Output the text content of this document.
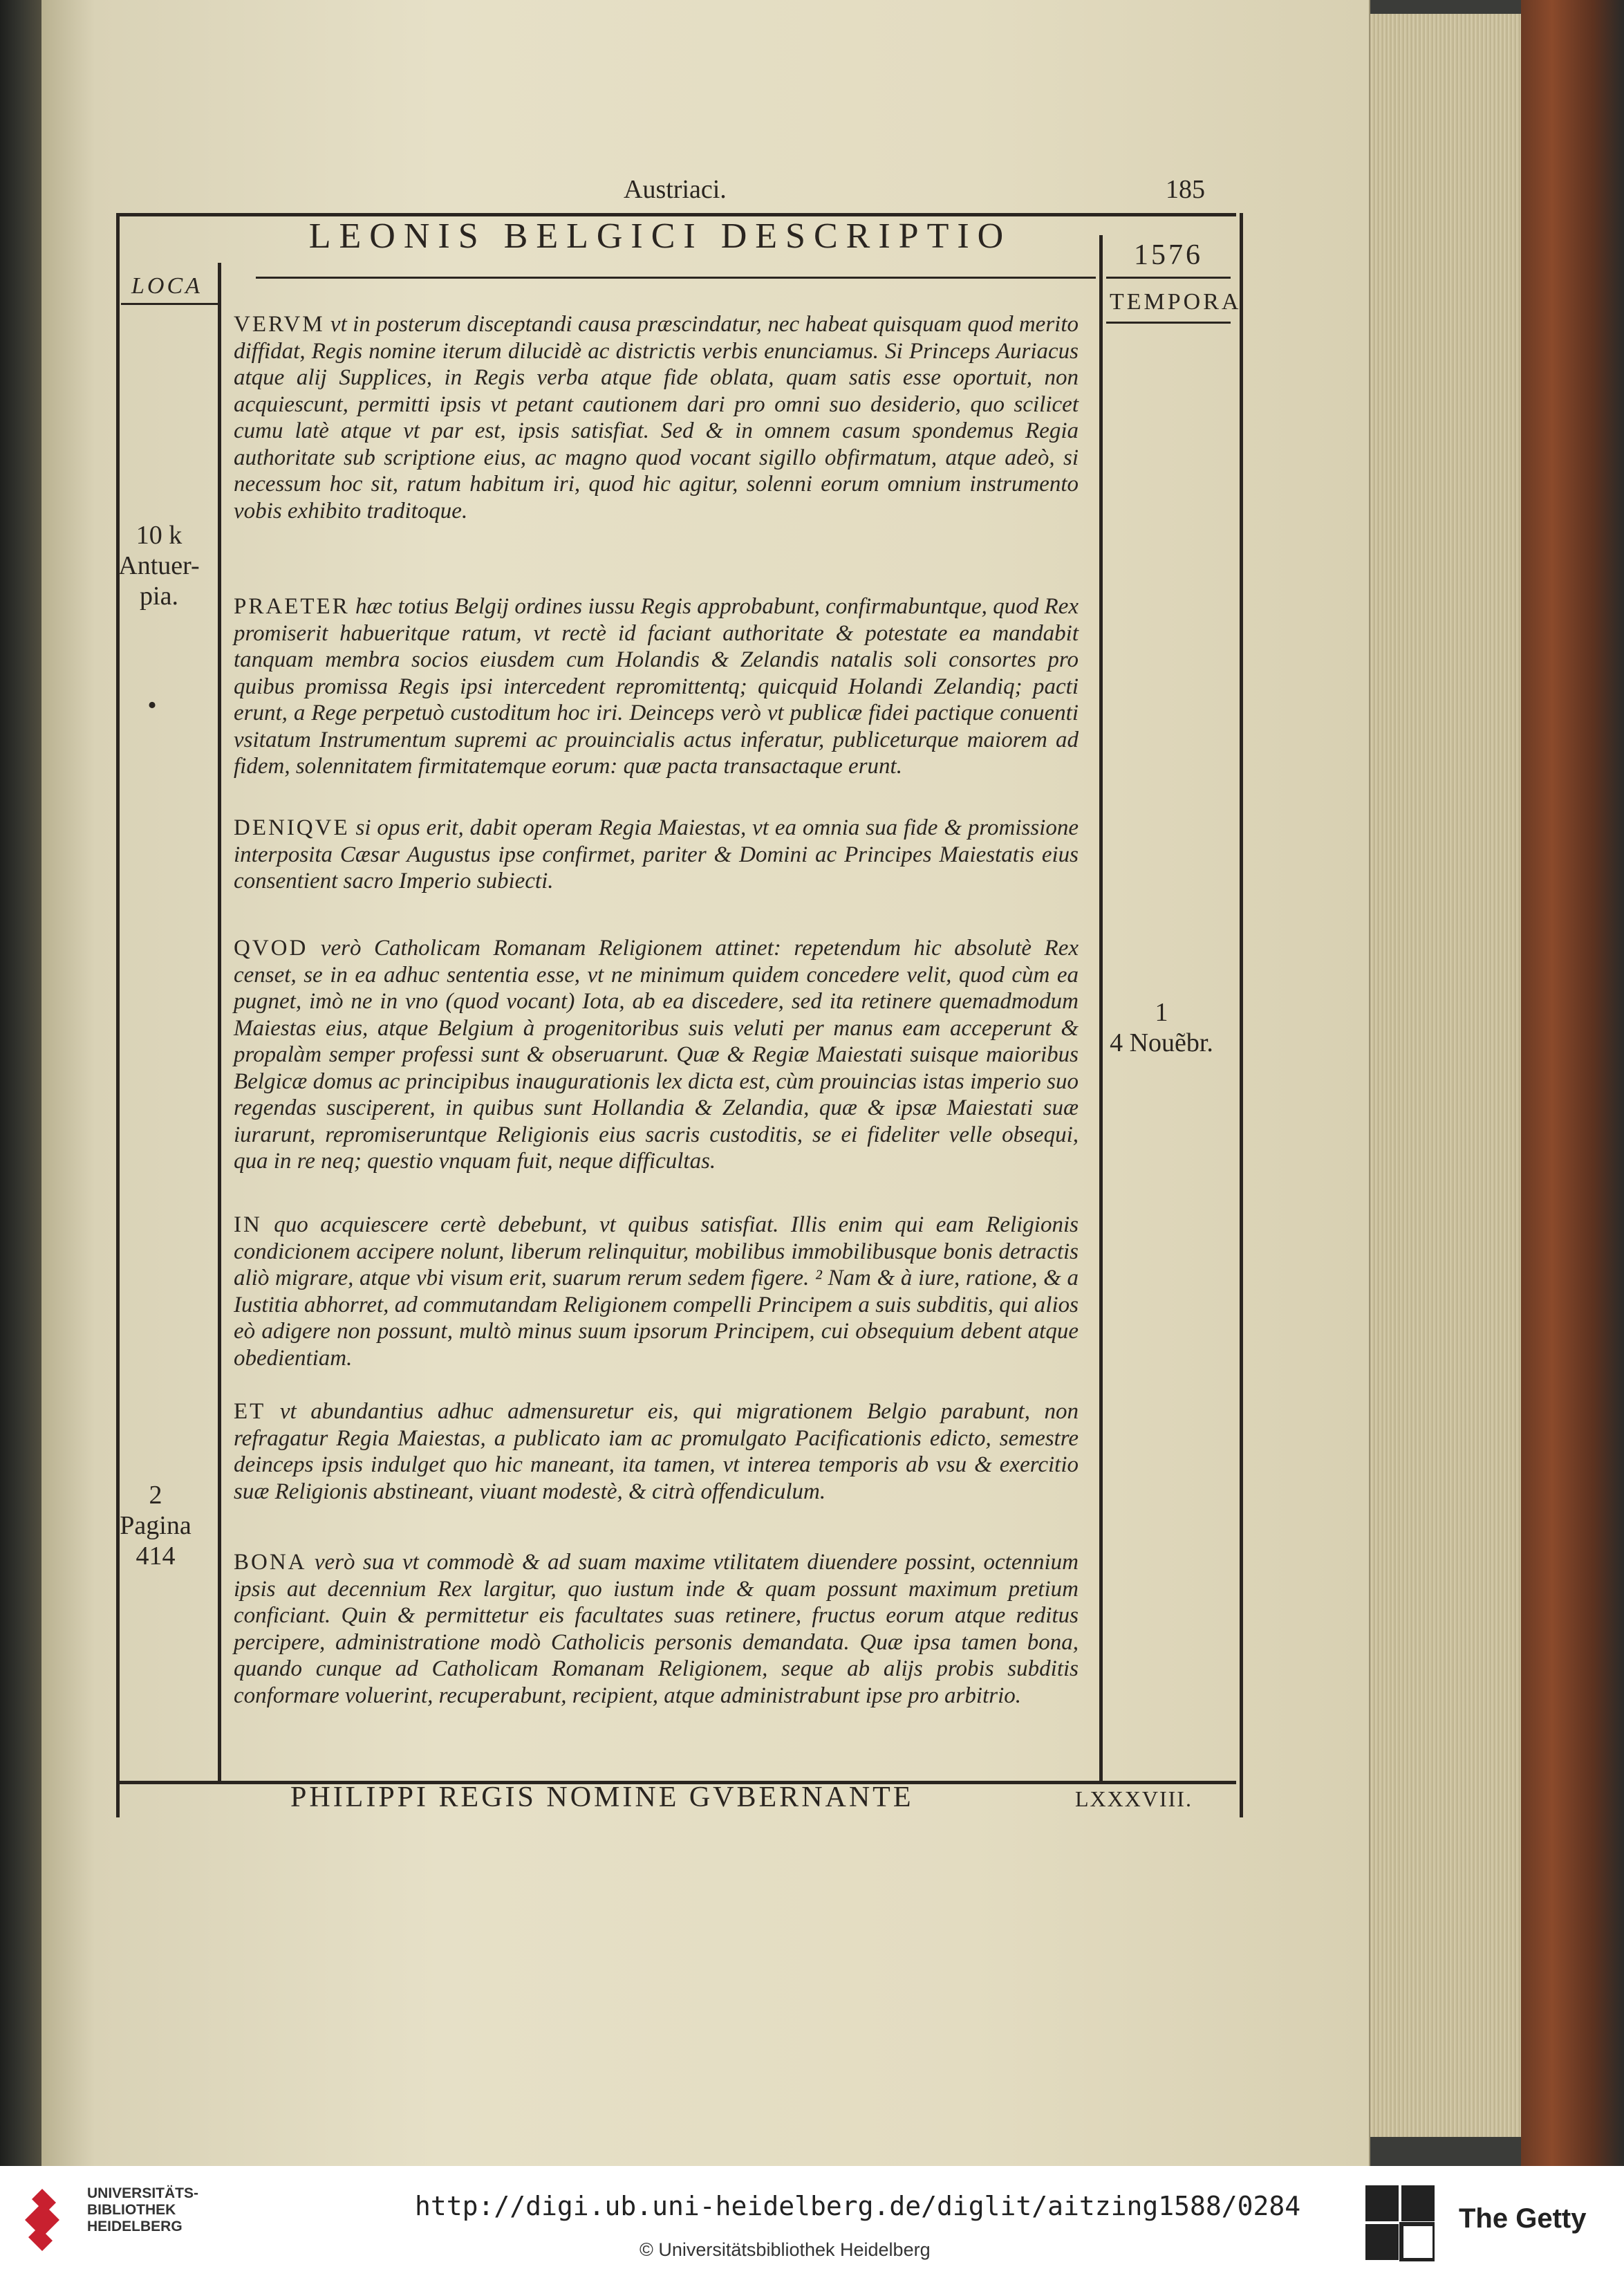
Austriaci.	185
LEONIS BELGICI DESCRIPTIO	1576
LOCA
TEMPORA
10 k
Antuer-
pia.
•
1
4 Nouẽbr.
2
Pagina
414
VERVM vt in posterum disceptandi causa præscindatur, nec habeat quisquam quod merito diffidat, Regis nomine iterum dilucidè ac districtis verbis enunciamus. Si Princeps Auriacus atque alij Supplices, in Regis verba atque fide oblata, quam satis esse oportuit, non acquiescunt, permitti ipsis vt petant cautionem dari pro omni suo desiderio, quo scilicet cumu latè atque vt par est, ipsis satisfiat. Sed & in omnem casum spondemus Regia authoritate sub scriptione eius, ac magno quod vocant sigillo obfirmatum, atque adeò, si necessum hoc sit, ratum habitum iri, quod hic agitur, solenni eorum omnium instrumento vobis exhibito traditoque.
PRAETER hæc totius Belgij ordines iussu Regis approbabunt, confirmabuntque, quod Rex promiserit habueritque ratum, vt rectè id faciant authoritate & potestate ea mandabit tanquam membra socios eiusdem cum Holandis & Zelandis natalis soli consortes pro quibus promissa Regis ipsi intercedent repromittentq; quicquid Holandi Zelandiq; pacti erunt, a Rege perpetuò custoditum hoc iri. Deinceps verò vt publicæ fidei pactique conuenti vsitatum Instrumentum supremi ac prouincialis actus inferatur, publiceturque maiorem ad fidem, solennitatem firmitatemque eorum: quæ pacta transactaque erunt.
DENIQVE si opus erit, dabit operam Regia Maiestas, vt ea omnia sua fide & promissione interposita Cæsar Augustus ipse confirmet, pariter & Domini ac Principes Maiestatis eius consentient sacro Imperio subiecti.
QVOD verò Catholicam Romanam Religionem attinet: repetendum hic absolutè Rex censet, se in ea adhuc sententia esse, vt ne minimum quidem concedere velit, quod cùm ea pugnet, imò ne in vno (quod vocant) Iota, ab ea discedere, sed ita retinere quemadmodum Maiestas eius, atque Belgium à progenitoribus suis veluti per manus eam acceperunt & propalàm semper professi sunt & obseruarunt. Quæ & Regiæ Maiestati suisque maioribus Belgicæ domus ac principibus inaugurationis lex dicta est, cùm prouincias istas imperio suo regendas susciperent, in quibus sunt Hollandia & Zelandia, quæ & ipsæ Maiestati suæ iurarunt, repromiseruntque Religionis eius sacris custoditis, se ei fideliter velle obsequi, qua in re neq; questio vnquam fuit, neque difficultas.
IN quo acquiescere certè debebunt, vt quibus satisfiat. Illis enim qui eam Religionis condicionem accipere nolunt, liberum relinquitur, mobilibus immobilibusque bonis detractis aliò migrare, atque vbi visum erit, suarum rerum sedem figere. ² Nam & à iure, ratione, & a Iustitia abhorret, ad commutandam Religionem compelli Principem a suis subditis, qui alios eò adigere non possunt, multò minus suum ipsorum Principem, cui obsequium debent atque obedientiam.
ET vt abundantius adhuc admensuretur eis, qui migrationem Belgio parabunt, non refragatur Regia Maiestas, a publicato iam ac promulgato Pacificationis edicto, semestre deinceps ipsis indulget quo hic maneant, ita tamen, vt interea temporis ab vsu & exercitio suæ Religionis abstineant, viuant modestè, & citrà offendiculum.
BONA verò sua vt commodè & ad suam maxime vtilitatem diuendere possint, octennium ipsis aut decennium Rex largitur, quo iustum inde & quam possunt maximum pretium conficiant. Quin & permittetur eis facultates suas retinere, fructus eorum atque reditus percipere, administratione modò Catholicis personis demandata. Quæ ipsa tamen bona, quando cunque ad Catholicam Romanam Religionem, seque ab alijs probis subditis conformare voluerint, recuperabunt, recipient, atque administrabunt ipse pro arbitrio.
PHILIPPI REGIS NOMINE GVBERNANTE	LXXXVIII.
UNIVERSITÄTS-
BIBLIOTHEK
HEIDELBERG
http://digi.ub.uni-heidelberg.de/diglit/aitzing1588/0284
© Universitätsbibliothek Heidelberg
The Getty
